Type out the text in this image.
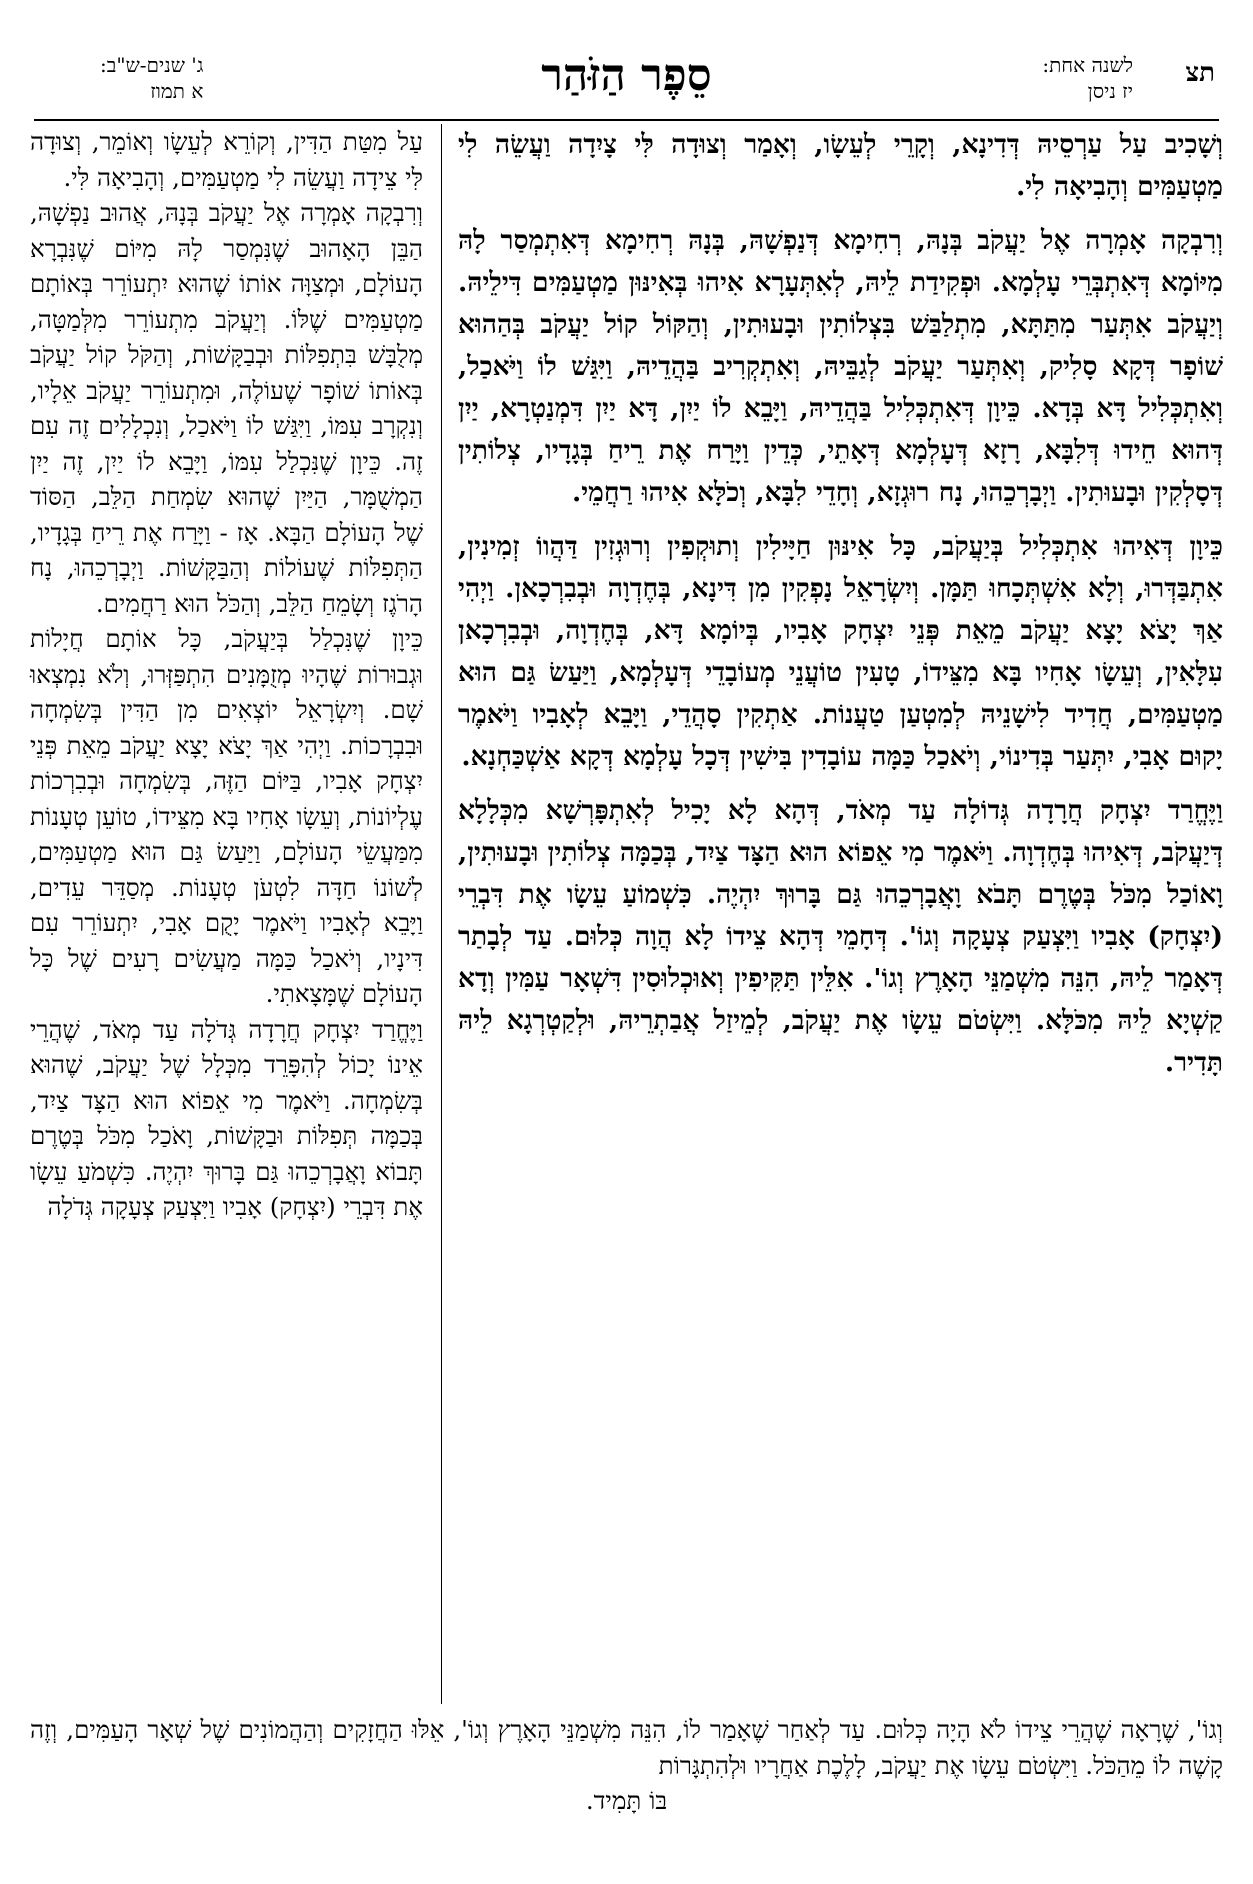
תצ
לשנה אחת:
יז ניסן
סֵפֶר הַזֹּהַר
ג' שנים-ש"ב:
א תמוז

וְשָׁכִיב עַל עַרְסֵיהּ דְּדִינָא, וְקָרֵי לְעֵשָׂו, וְאָמַר וְצוּדָה לִּי צָיִדָה וַעֲשֵׂה לִי מַטְעַמִּים וְהָבִיאָה לִי.

וְרִבְקָה אָמְרָה אֶל יַעֲקֹב בְּנָהּ, רְחִימָא דְּנַפְשָׁהּ, בְּנָהּ רְחִימָא דְּאִתְמְסַר לָהּ מִיּוֹמָא דְּאִתְבְּרֵי עָלְמָא. וּפְקִידַת לֵיהּ, לְאִתְּעָרָא אִיהוּ בְּאִינּוּן מַטְעַמִּים דִּילֵיהּ. וְיַעֲקֹב אִתְּעַר מִתַּתָּא, מִתְלַבַּשׁ בִּצְלוֹתִין וּבָעוּתִין, וְהַקּוֹל קוֹל יַעֲקֹב בְּהַהוּא שׁוֹפָר דְּקָא סָלִיק, וְאִתְּעַר יַעֲקֹב לְגַבֵּיהּ, וְאִתְקְרִיב בַּהֲדֵיהּ, וַיִּגַּשׁ לוֹ וַיֹּאכַל, וְאִתְכְּלִיל דָּא בְּדָא. כֵּיוָן דְּאִתְכְּלִיל בַּהֲדֵיהּ, וַיָּבֵא לוֹ יַיִן, דָּא יַיִן דִּמְנַטְרָא, יַיִן דְּהוּא חֵידוּ דְּלִבָּא, רָזָא דְּעָלְמָא דְּאָתֵי, כְּדֵין וַיָּרַח אֶת רֵיחַ בְּגָדָיו, צְלוֹתִין דְּסָלְקִין וּבָעוּתִין. וַיְבָרְכֵהוּ, נָח רוּגְזָא, וְחָדֵי לִבָּא, וְכֹלָּא אִיהוּ רַחֲמֵי.

כֵּיוָן דְּאִיהוּ אִתְכְּלִיל בְּיַעֲקֹב, כָּל אִינּוּן חַיָּילִין וְתוּקְפִין וְרוּגְזִין דַּהֲווֹ זְמִינִין, אִתְבַּדְּרוּ, וְלָא אִשְׁתְּכָחוּ תַּמָּן. וְיִשְׂרָאֵל נָפְקִין מִן דִּינָא, בְּחֶדְוָה וּבְבִרְכָאן. וַיְהִי אַךְ יָצֹא יָצָא יַעֲקֹב מֵאֵת פְּנֵי יִצְחָק אָבִיו, בְּיוֹמָא דָּא, בְּחֶדְוָה, וּבְבִרְכָאן עִלָּאִין, וְעֵשָׂו אָחִיו בָּא מִצֵּידוֹ, טָעִין טוֹעֲנֵי מְעוֹבָדֵי דְּעָלְמָא, וַיַּעַשׂ גַּם הוּא מַטְעַמִּים, חֲדִיד לִישָׁנֵיהּ לְמִטְעַן טַעֲנוֹת. אַתְקִין סָהֲדֵי, וַיָּבֵא לְאָבִיו וַיֹּאמֶר יָקוּם אָבִי, יִתְּעַר בְּדִינוֹי, וְיֹאכַל כַּמָּה עוֹבָדִין בִּישִׁין דְּכָל עָלְמָא דְּקָא אַשְׁכַּחְנָא.

וַיֶּחֱרַד יִצְחָק חֲרָדָה גְּדוֹלָה עַד מְאֹד, דְּהָא לָא יָכִיל לְאִתְפָּרְשָׁא מִכְּלָלָא דְּיַעֲקֹב, דְּאִיהוּ בְּחֶדְוָה. וַיֹּאמֶר מִי אֵפוֹא הוּא הַצָּד צַיִד, בְּכַמָּה צְלוֹתִין וּבָעוּתִין, וָאוֹכַל מִכֹּל בְּטֶרֶם תָּבֹא וָאֲבָרְכֵהוּ גַּם בָּרוּךְ יִהְיֶה. כִּשְׁמוֹעַ עֵשָׂו אֶת דִּבְרֵי (יִצְחָק) אָבִיו וַיִּצְעַק צְעָקָה וְגוֹ'. דְּחָמֵי דְּהָא צֵידוֹ לָא הֲוָה כְּלוּם. עַד לְבָתַר דְּאָמַר לֵיהּ, הִנֵּה מִשְׁמַנֵּי הָאָרֶץ וְגוֹ'. אִלֵּין תַּקִּיפִין וְאוּכְלוּסִין דִּשְׁאָר עַמִּין וְדָא קַשְׁיָא לֵיהּ מִכֹּלָּא. וַיִּשְׂטֹם עֵשָׂו אֶת יַעֲקֹב, לְמֵיזַל אֲבַתְרֵיהּ, וּלְקַטְרְגָא לֵיהּ תָּדִיר.

עַל מִטַּת הַדִּין, וְקוֹרֵא לְעֵשָׂו וְאוֹמֵר, וְצוּדָה לִּי צֵידָה וַעֲשֵׂה לִי מַטְעַמִּים, וְהָבִיאָה לִּי.

וְרִבְקָה אָמְרָה אֶל יַעֲקֹב בְּנָהּ, אֲהוּב נַפְשָׁהּ, הַבֵּן הָאָהוּב שֶׁנִּמְסַר לָהּ מִיּוֹם שֶׁנִּבְרָא הָעוֹלָם, וּמְצַוָּה אוֹתוֹ שֶׁהוּא יִתְעוֹרֵר בְּאוֹתָם מַטְעַמִּים שֶׁלּוֹ. וְיַעֲקֹב מִתְעוֹרֵר מִלְּמַטָּה, מְלֻבָּשׁ בִּתְפִלּוֹת וּבְבַקָּשׁוֹת, וְהַקֹּל קוֹל יַעֲקֹב בְּאוֹתוֹ שׁוֹפָר שֶׁעוֹלֶה, וּמִתְעוֹרֵר יַעֲקֹב אֵלָיו, וְנִקְרָב עִמּוֹ, וַיִּגַּשׁ לוֹ וַיֹּאכַל, וְנִכְלָלִים זֶה עִם זֶה. כֵּיוָן שֶׁנִּכְלַל עִמּוֹ, וַיָּבֵא לוֹ יַיִן, זֶה יַיִן הַמְשֻׁמָּר, הַיַּיִן שֶׁהוּא שִׂמְחַת הַלֵּב, הַסּוֹד שֶׁל הָעוֹלָם הַבָּא. אָז - וַיָּרַח אֶת רֵיחַ בְּגָדָיו, הַתְּפִלּוֹת שֶׁעוֹלוֹת וְהַבַּקָּשׁוֹת. וַיְבָרְכֵהוּ, נָח הָרֹגֶז וְשָׂמֵחַ הַלֵּב, וְהַכֹּל הוּא רַחֲמִים.

כֵּיוָן שֶׁנִּכְלַל בְּיַעֲקֹב, כָּל אוֹתָם חֲיָלוֹת וּגְבוּרוֹת שֶׁהָיוּ מְזֻמָּנִים הִתְפַּזְּרוּ, וְלֹא נִמְצְאוּ שָׁם. וְיִשְׂרָאֵל יוֹצְאִים מִן הַדִּין בְּשִׂמְחָה וּבִבְרָכוֹת. וַיְהִי אַךְ יָצֹא יָצָא יַעֲקֹב מֵאֵת פְּנֵי יִצְחָק אָבִיו, בַּיּוֹם הַזֶּה, בְּשִׂמְחָה וּבְבִרְכוֹת עֶלְיוֹנוֹת, וְעֵשָׂו אָחִיו בָּא מִצֵּידוֹ, טוֹעֵן טְעָנוֹת מִמַּעֲשֵׂי הָעוֹלָם, וַיַּעַשׂ גַּם הוּא מַטְעַמִּים, לְשׁוֹנוֹ חַדָּה לִטְעֹן טְעָנוֹת. מְסַדֵּר עֵדִים, וַיָּבֵא לְאָבִיו וַיֹּאמֶר יָקֻם אָבִי, יִתְעוֹרֵר עִם דִּינָיו, וְיֹאכַל כַּמָּה מַעֲשִׂים רָעִים שֶׁל כָּל הָעוֹלָם שֶׁמָּצָאתִי.

וַיֶּחֱרַד יִצְחָק חֲרָדָה גְּדֹלָה עַד מְאֹד, שֶׁהֲרֵי אֵינוֹ יָכוֹל לְהִפָּרֵד מִכְּלָל שֶׁל יַעֲקֹב, שֶׁהוּא בְּשִׂמְחָה. וַיֹּאמֶר מִי אֵפוֹא הוּא הַצָּד צַיִד, בְּכַמָּה תְּפִלּוֹת וּבַקָּשׁוֹת, וָאֹכַל מִכֹּל בְּטֶרֶם תָּבוֹא וָאֲבָרְכֵהוּ גַּם בָּרוּךְ יִהְיֶה. כִּשְׁמֹעַ עֵשָׂו אֶת דִּבְרֵי (יִצְחָק) אָבִיו וַיִּצְעַק צְעָקָה גְּדֹלָה

וְגוֹ', שֶׁרָאָה שֶׁהֲרֵי צֵידוֹ לֹא הָיָה כְּלוּם. עַד לְאַחַר שֶׁאָמַר לוֹ, הִנֵּה מִשְׁמַנֵּי הָאָרֶץ וְגוֹ', אֵלּוּ הַחֲזָקִים וְהַהֲמוֹנִים שֶׁל שְׁאָר הָעַמִּים, וְזֶה קָשֶׁה לוֹ מֵהַכֹּל. וַיִּשְׂטֹם עֵשָׂו אֶת יַעֲקֹב, לָלֶכֶת אַחֲרָיו וּלְהִתְגָּרוֹת
בּוֹ תָּמִיד.
